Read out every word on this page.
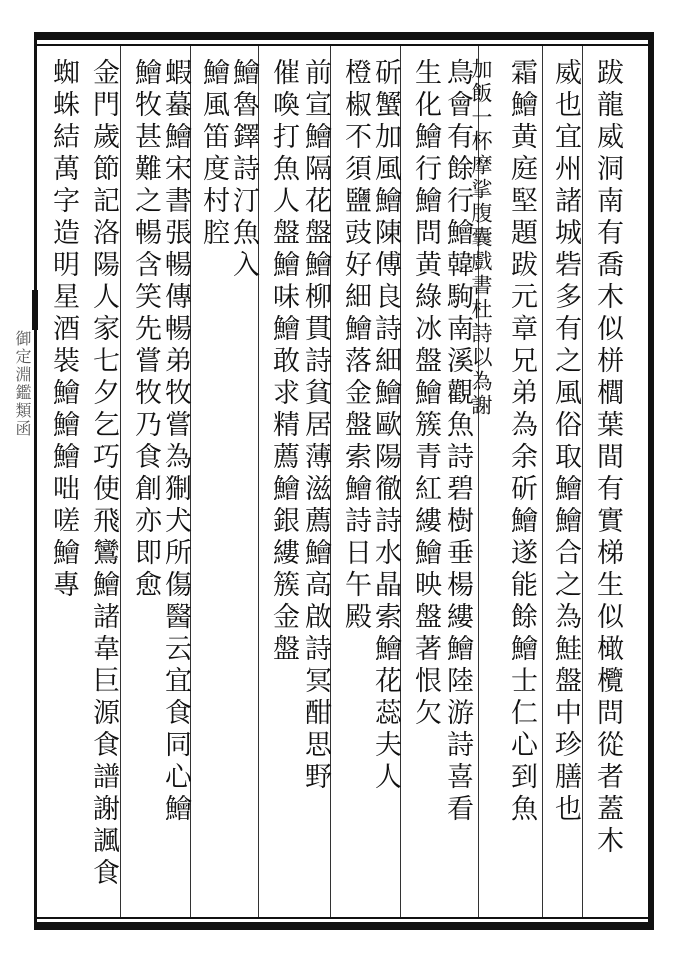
御定淵鑑類函	跋龍威洞南有喬木似栟櫚葉間有實梯生似橄欖問從者蓋木
威也宜州諸城砦多有之風俗取鱠鱠合之為鮭盤中珍膳也
霜鱠黄庭堅題跋元章兄弟為余斫鱠遂能餘鱠士仁心到魚
加飯一杯摩挲腹囊戲書杜詩以為謝
鳥會有餘行鱠韓駒南溪觀魚詩碧樹垂楊縷鱠陸游詩喜看
生化鱠行鱠問黄綠冰盤鱠簇青紅縷鱠映盤著恨欠
斫蟹加風鱠陳傅良詩細鱠歐陽徹詩水晶索鱠花蕊夫人
橙椒不須鹽豉好細鱠落金盤索鱠詩日午殿
前宣鱠隔花盤鱠柳貫詩貧居薄滋薦鱠高啟詩冥酣思野
催喚打魚人盤鱠味鱠敢求精薦鱠銀縷簇金盤
鱠魯鐸詩汀魚入
鱠風笛度村腔
蝦蟇鱠宋書張暢傳暢弟牧嘗為猘犬所傷醫云宜食同心鱠
鱠牧甚難之暢含笑先嘗牧乃食創亦即愈
金門歲節記洛陽人家七夕乞巧使飛鸞鱠諸韋巨源食譜謝諷食
蜘蛛結萬字造明星酒裝鱠鱠鱠咄嗟鱠專
